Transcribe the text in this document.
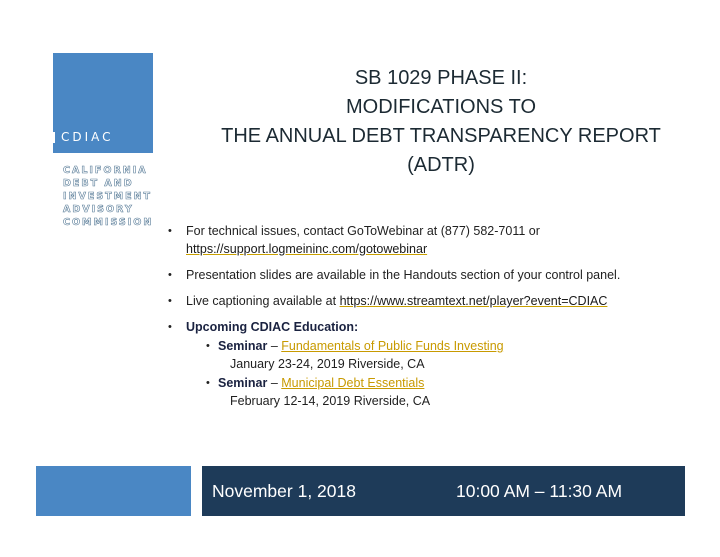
CDIAC
CALIFORNIA
DEBT AND
INVESTMENT
ADVISORY
COMMISSION
SB 1029 PHASE II:
MODIFICATIONS TO
THE ANNUAL DEBT TRANSPARENCY REPORT
(ADTR)
• For technical issues, contact GoToWebinar at (877) 582-7011 or
https://support.logmeininc.com/gotowebinar
• Presentation slides are available in the Handouts section of your control panel.
• Live captioning available at https://www.streamtext.net/player?event=CDIAC
• Upcoming CDIAC Education:
• Seminar – Fundamentals of Public Funds Investing
January 23-24, 2019 Riverside, CA
• Seminar – Municipal Debt Essentials
February 12-14, 2019 Riverside, CA
November 1, 2018	10:00 AM – 11:30 AM
